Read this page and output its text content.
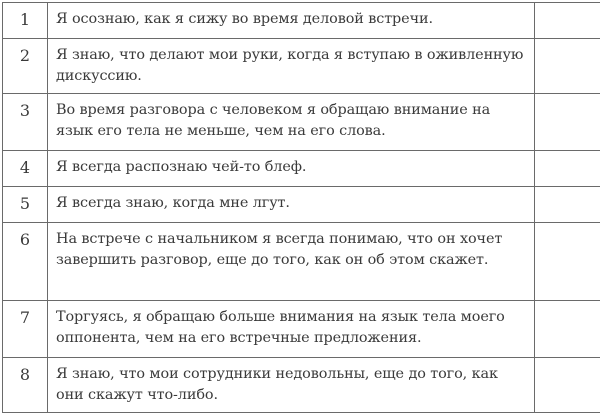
1	Я осознаю, как я сижу во время деловой встречи.	
2	Я знаю, что делают мои руки, когда я вступаю в оживленную дискуссию.	
3	Во время разговора с человеком я обращаю внимание на язык его тела не меньше, чем на его слова.	
4	Я всегда распознаю чей-то блеф.	
5	Я всегда знаю, когда мне лгут.	
6	На встрече с начальником я всегда понимаю, что он хочет завершить разговор, еще до того, как он об этом скажет.	
7	Торгуясь, я обращаю больше внимания на язык тела моего оппонента, чем на его встречные предложения.	
8	Я знаю, что мои сотрудники недовольны, еще до того, как они скажут что-либо.	
